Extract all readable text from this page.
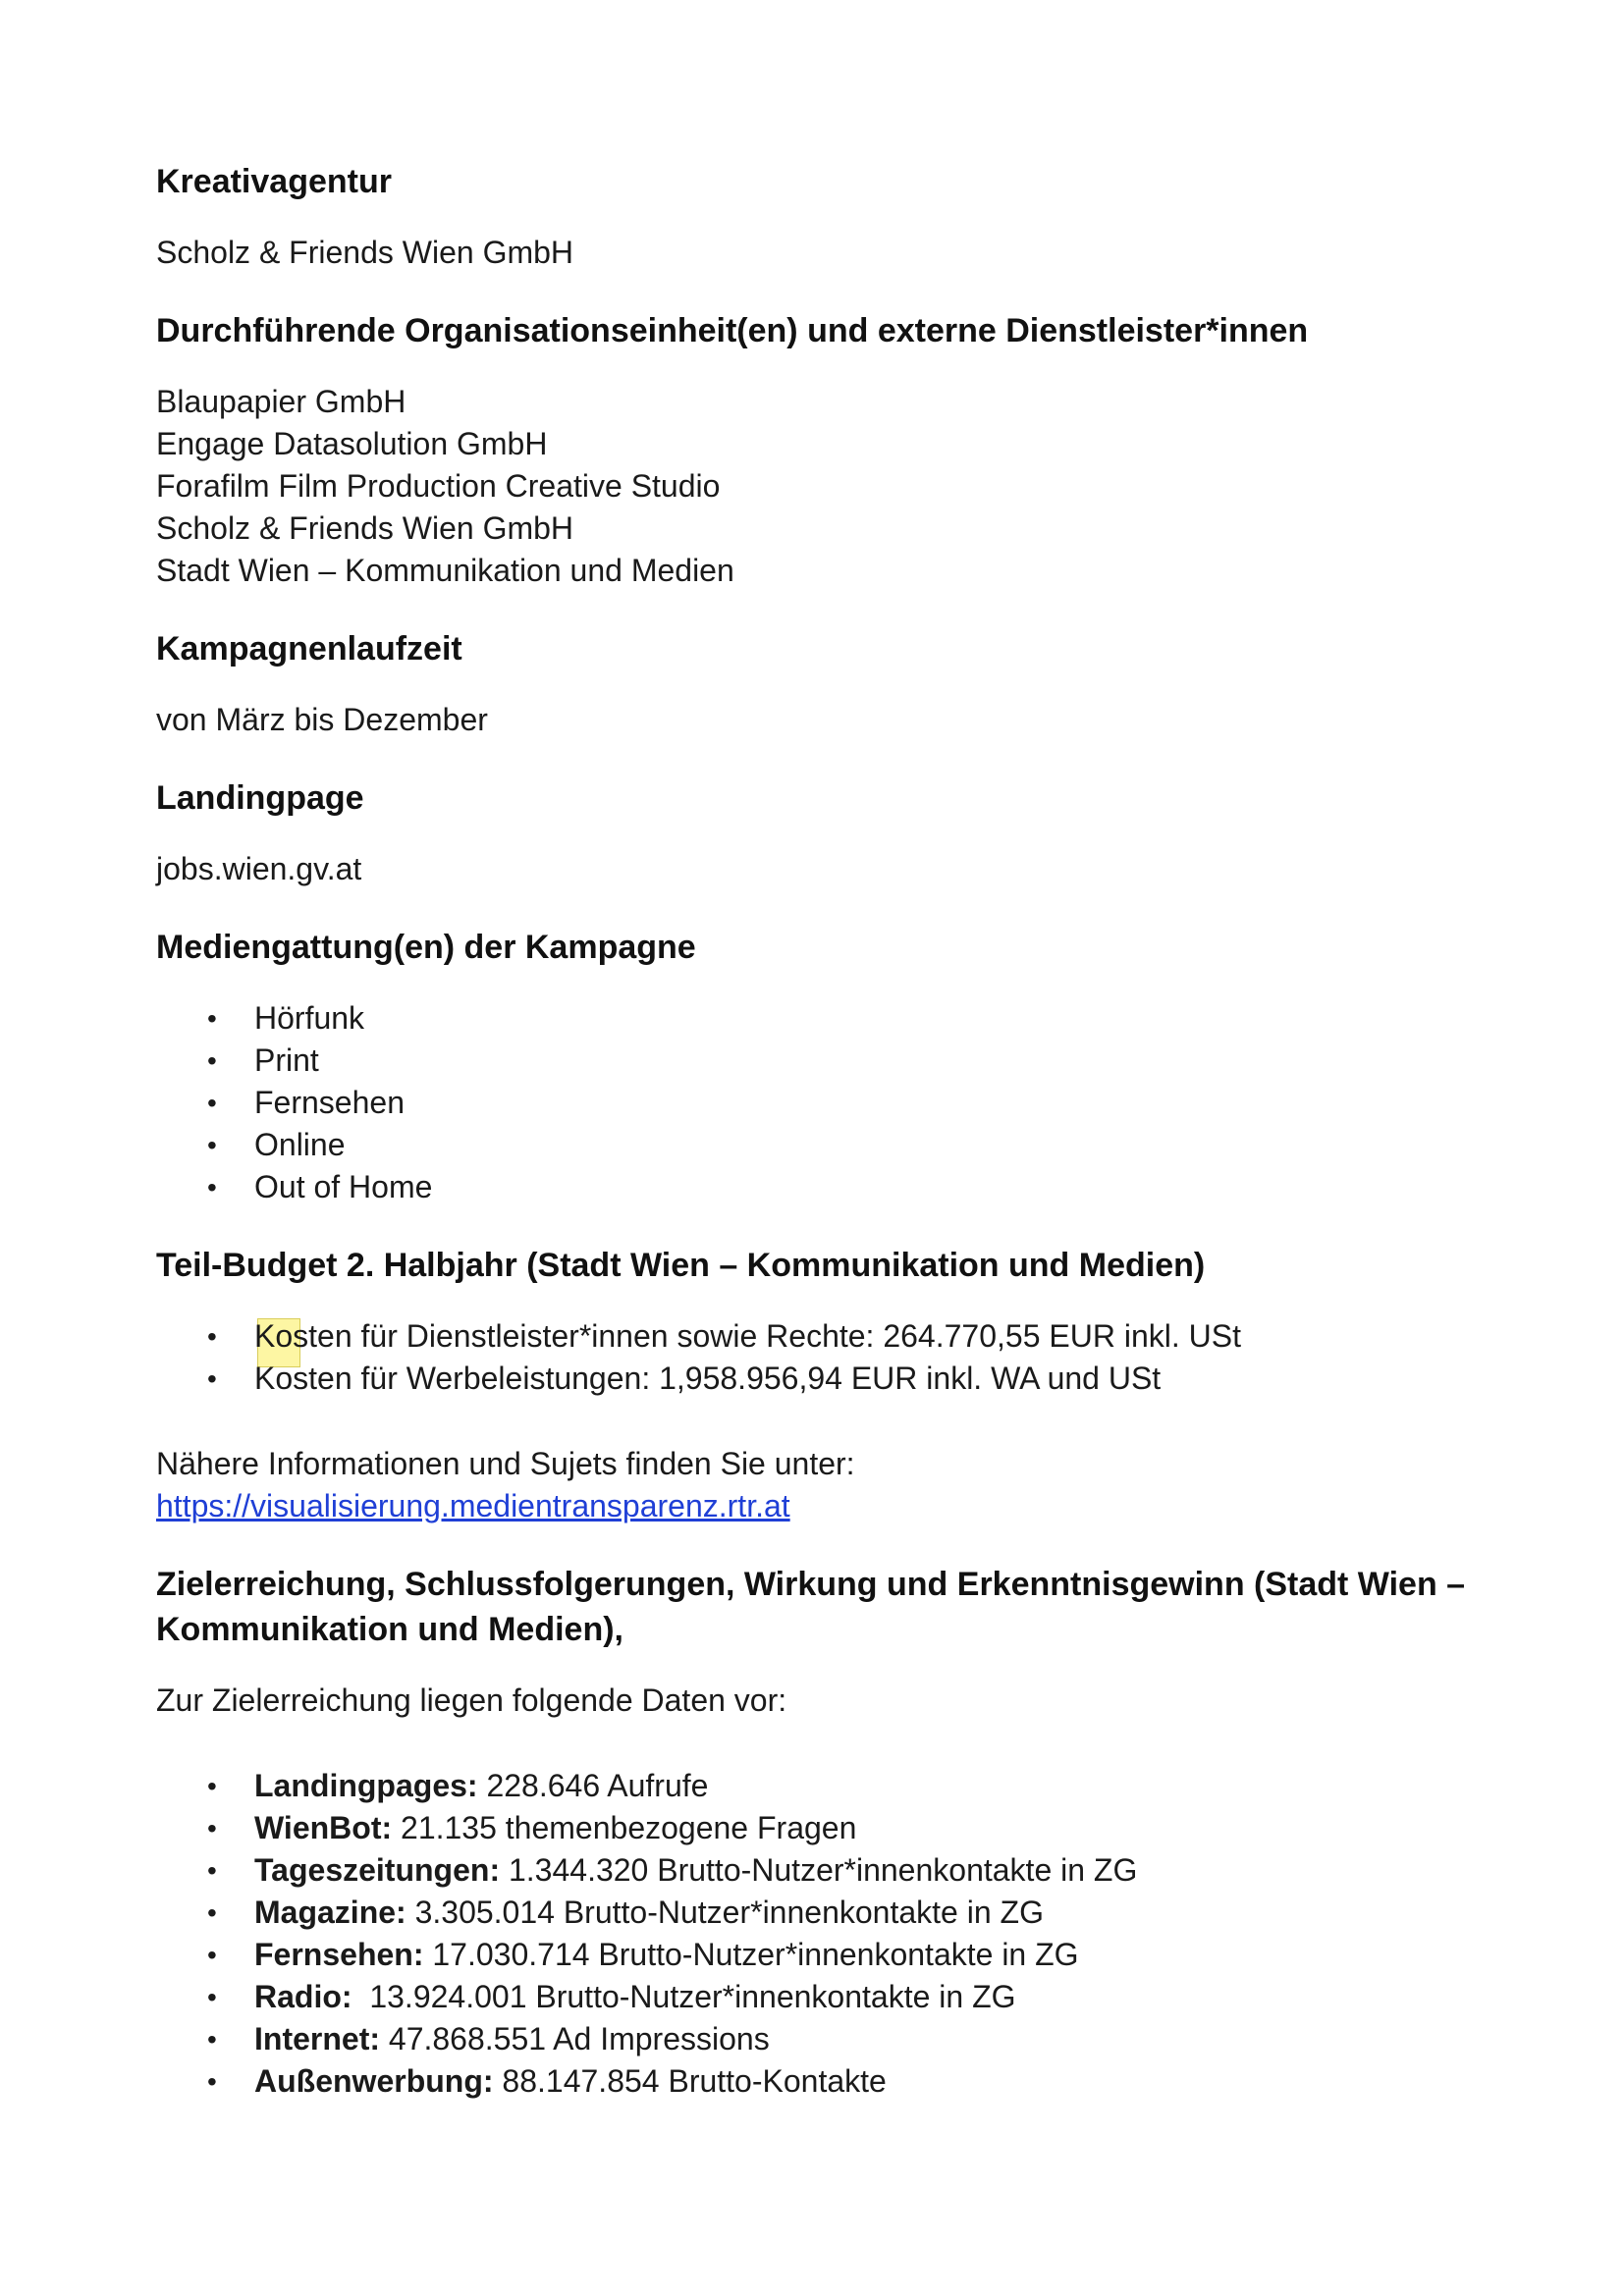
Kreativagentur

Scholz & Friends Wien GmbH

Durchführende Organisationseinheit(en) und externe Dienstleister*innen

Blaupapier GmbH

Engage Datasolution GmbH

Forafilm Film Production Creative Studio

Scholz & Friends Wien GmbH

Stadt Wien – Kommunikation und Medien

Kampagnenlaufzeit

von März bis Dezember

Landingpage

jobs.wien.gv.at

Mediengattung(en) der Kampagne
• Hörfunk
• Print
• Fernsehen
• Online
• Out of Home
Teil-Budget 2. Halbjahr (Stadt Wien – Kommunikation und Medien)
• Kosten für Dienstleister*innen sowie Rechte: 264.770,55 EUR inkl. USt
• Kosten für Werbeleistungen: 1,958.956,94 EUR inkl. WA und USt

Nähere Informationen und Sujets finden Sie unter:

https://visualisierung.medientransparenz.rtr.at

Zielerreichung, Schlussfolgerungen, Wirkung und Erkenntnisgewinn (Stadt Wien –
Kommunikation und Medien),

Zur Zielerreichung liegen folgende Daten vor:

• Landingpages: 228.646 Aufrufe
• WienBot: 21.135 themenbezogene Fragen
• Tageszeitungen: 1.344.320 Brutto-Nutzer*innenkontakte in ZG
• Magazine: 3.305.014 Brutto-Nutzer*innenkontakte in ZG
• Fernsehen: 17.030.714 Brutto-Nutzer*innenkontakte in ZG
• Radio:  13.924.001 Brutto-Nutzer*innenkontakte in ZG
• Internet: 47.868.551 Ad Impressions
• Außenwerbung: 88.147.854 Brutto-Kontakte
